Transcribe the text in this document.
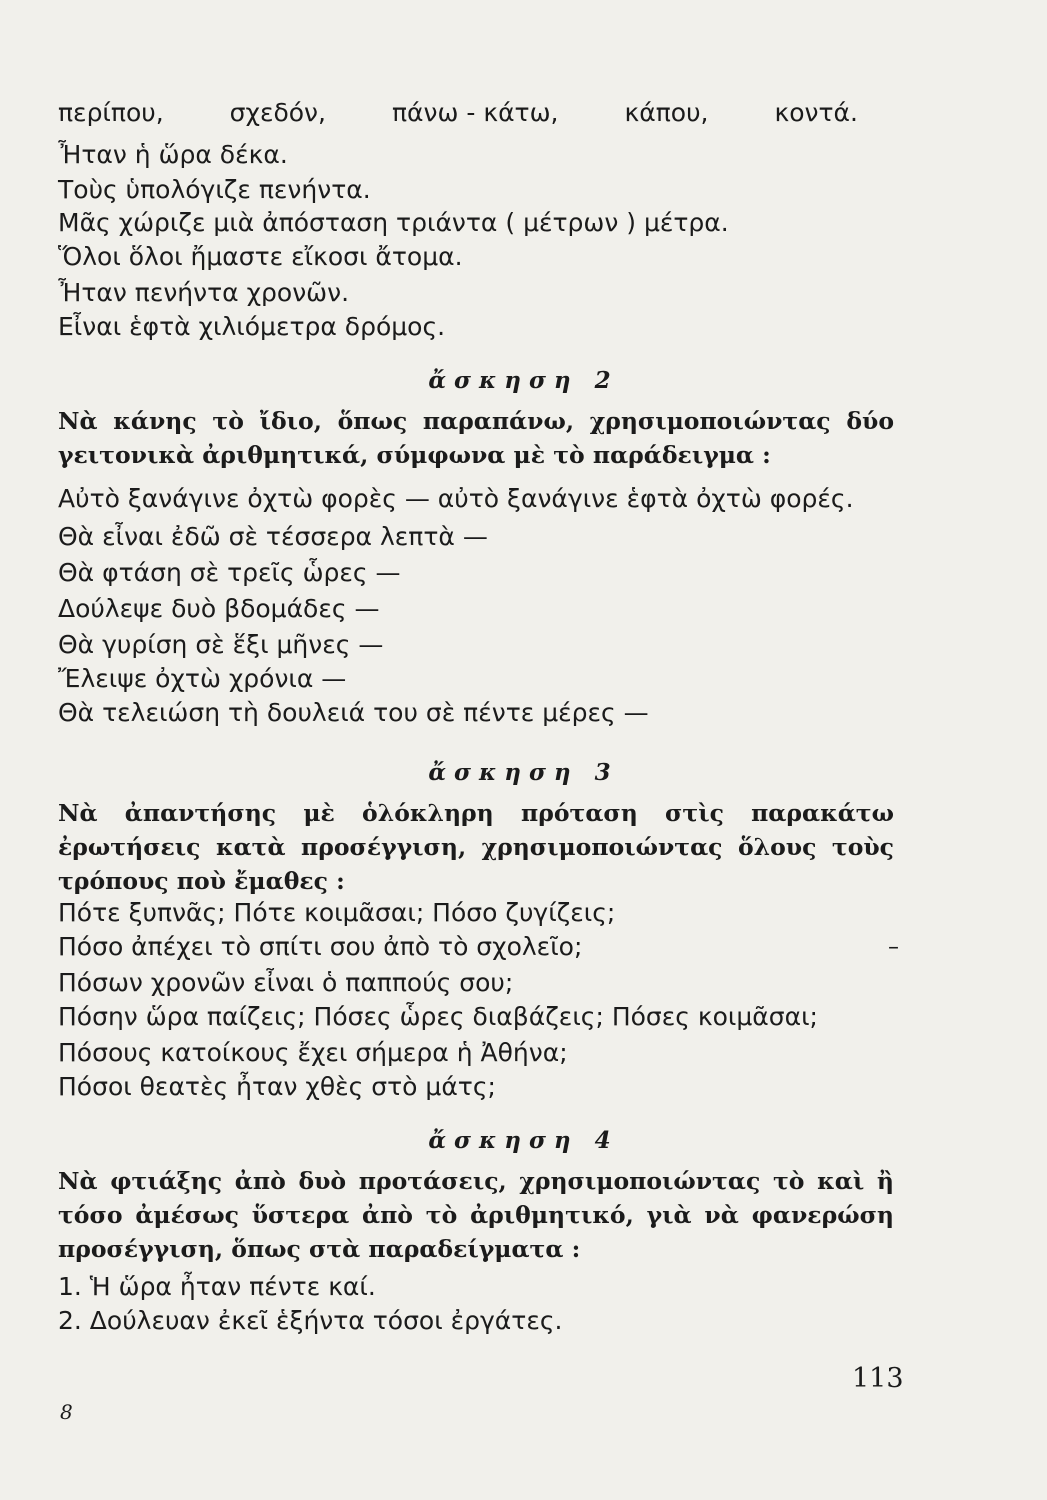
περίπου,	σχεδόν,	πάνω - κάτω,	κάπου,	κοντά.
Ἦταν ἡ ὥρα δέκα.
Τοὺς ὑπολόγιζε πενήντα.
Μᾶς χώριζε μιὰ ἀπόσταση τριάντα ( μέτρων ) μέτρα.
Ὅλοι ὅλοι ἤμαστε εἴκοσι ἄτομα.
Ἦταν πενήντα χρονῶν.
Εἶναι ἑφτὰ χιλιόμετρα δρόμος.
ἄσκηση 2
Νὰ κάνης τὸ ἴδιο, ὅπως παραπάνω, χρησιμοποιώντας δύο γειτονικὰ ἀριθμητικά, σύμφωνα μὲ τὸ παράδειγμα :
Αὐτὸ ξανάγινε ὀχτὼ φορὲς — αὐτὸ ξανάγινε ἑφτὰ ὀχτὼ φορές.
Θὰ εἶναι ἐδῶ σὲ τέσσερα λεπτὰ —
Θὰ φτάση σὲ τρεῖς ὧρες —
Δούλεψε δυὸ βδομάδες —
Θὰ γυρίση σὲ ἕξι μῆνες —
Ἔλειψε ὀχτὼ χρόνια —
Θὰ τελειώση τὴ δουλειά του σὲ πέντε μέρες —
ἄσκηση 3
Νὰ ἀπαντήσης μὲ ὁλόκληρη πρόταση στὶς παρακάτω ἐρωτήσεις κατὰ προσέγγιση, χρησιμοποιώντας ὅλους τοὺς τρόπους ποὺ ἔμαθες :
Πότε ξυπνᾶς; Πότε κοιμᾶσαι; Πόσο ζυγίζεις;
Πόσο ἀπέχει τὸ σπίτι σου ἀπὸ τὸ σχολεῖο;
Πόσων χρονῶν εἶναι ὁ παππούς σου;
Πόσην ὥρα παίζεις; Πόσες ὧρες διαβάζεις; Πόσες κοιμᾶσαι;
Πόσους κατοίκους ἔχει σήμερα ἡ Ἀθήνα;
Πόσοι θεατὲς ἦταν χθὲς στὸ μάτς;
–
ἄσκηση 4
Νὰ φτιάξης ἀπὸ δυὸ προτάσεις, χρησιμοποιώντας τὸ καὶ ἢ τόσο ἀμέσως ὕστερα ἀπὸ τὸ ἀριθμητικό, γιὰ νὰ φανερώση προσέγγιση, ὅπως στὰ παραδείγματα :
1. Ἡ ὥρα ἦταν πέντε καί.
2. Δούλευαν ἐκεῖ ἑξήντα τόσοι ἐργάτες.
113
8
